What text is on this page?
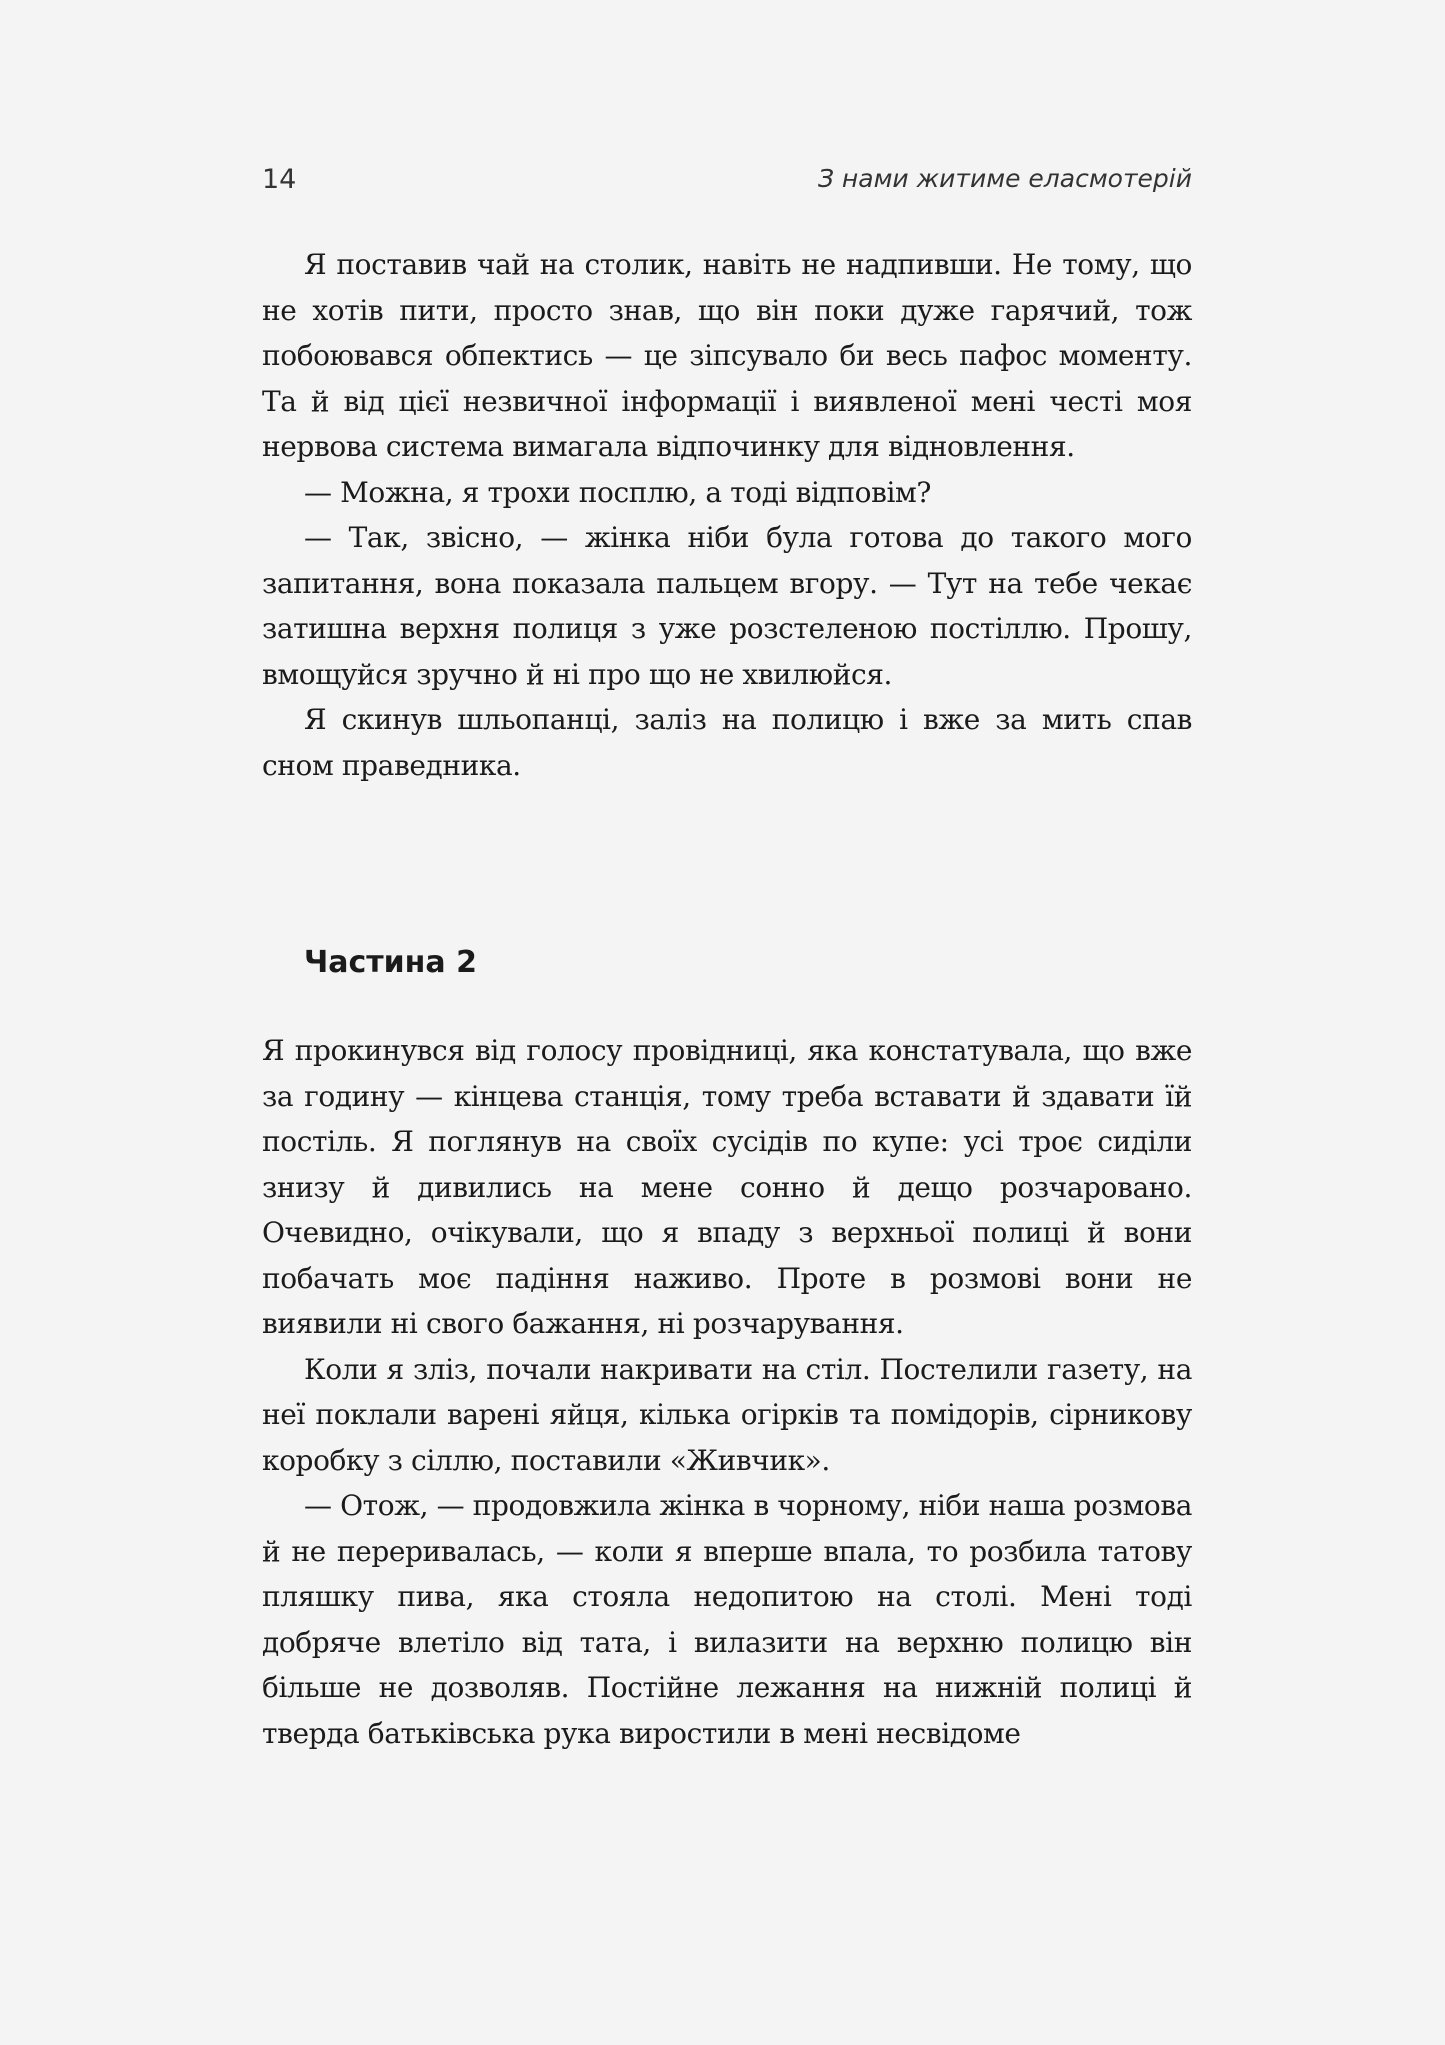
14	З нами житиме еласмотерій

Я поставив чай на столик, навіть не надпивши. Не тому, що не хотів пити, просто знав, що він поки дуже гарячий, тож побоювався обпектись — це зіпсувало би весь пафос моменту. Та й від цієї незвичної інформації і виявленої мені честі моя нервова система вимагала відпочинку для відновлення.

— Можна, я трохи посплю, а тоді відповім?

— Так, звісно, — жінка ніби була готова до такого мого запитання, вона показала пальцем вгору. — Тут на тебе чекає затишна верхня полиця з уже розстеленою постіллю. Прошу, вмощуйся зручно й ні про що не хвилюйся.

Я скинув шльопанці, заліз на полицю і вже за мить спав сном праведника.

Частина 2

Я прокинувся від голосу провідниці, яка констатувала, що вже за годину — кінцева станція, тому треба вставати й здавати їй постіль. Я поглянув на своїх сусідів по купе: усі троє сиділи знизу й дивились на мене сонно й дещо розчаровано. Очевидно, очікували, що я впаду з верхньої полиці й вони побачать моє падіння наживо. Проте в розмові вони не виявили ні свого бажання, ні розчарування.

Коли я зліз, почали накривати на стіл. Постелили газету, на неї поклали варені яйця, кілька огірків та помідорів, сірникову коробку з сіллю, поставили «Живчик».

— Отож, — продовжила жінка в чорному, ніби наша розмова й не переривалась, — коли я вперше впала, то розбила татову пляшку пива, яка стояла недопитою на столі. Мені тоді добряче влетіло від тата, і вилазити на верхню полицю він більше не дозволяв. Постійне лежання на нижній полиці й тверда батьківська рука виростили в мені несвідоме
